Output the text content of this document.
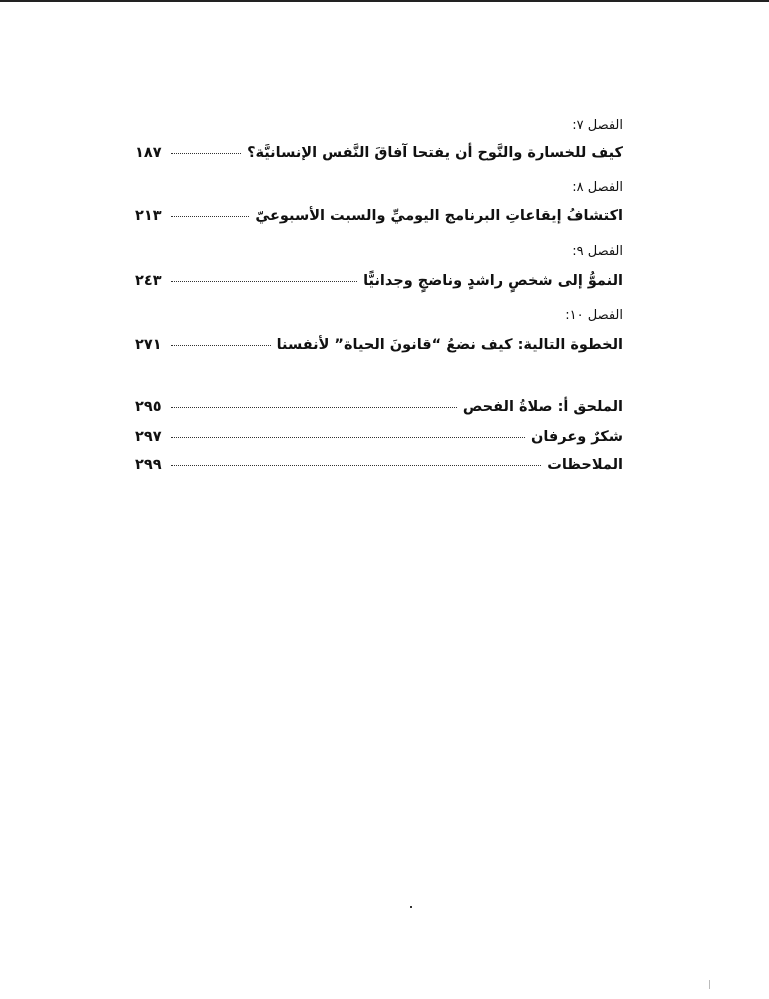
الفصل ٧:
كيف للخسارة والنَّوح أن يفتحا آفاقَ النَّفس الإنسانيَّة؟
١٨٧
الفصل ٨:
اكتشافُ إيقاعاتِ البرنامج اليوميِّ والسبت الأسبوعيّ
٢١٣
الفصل ٩:
النموُّ إلى شخصٍ راشدٍ وناضجٍ وجدانيًّا
٢٤٣
الفصل ١٠:
الخطوة التالية: كيف نضعُ “قانونَ الحياة” لأنفسنا
٢٧١
الملحق أ: صلاةُ الفحص
٢٩٥
شكرٌ وعرفان
٢٩٧
الملاحظات
٢٩٩
